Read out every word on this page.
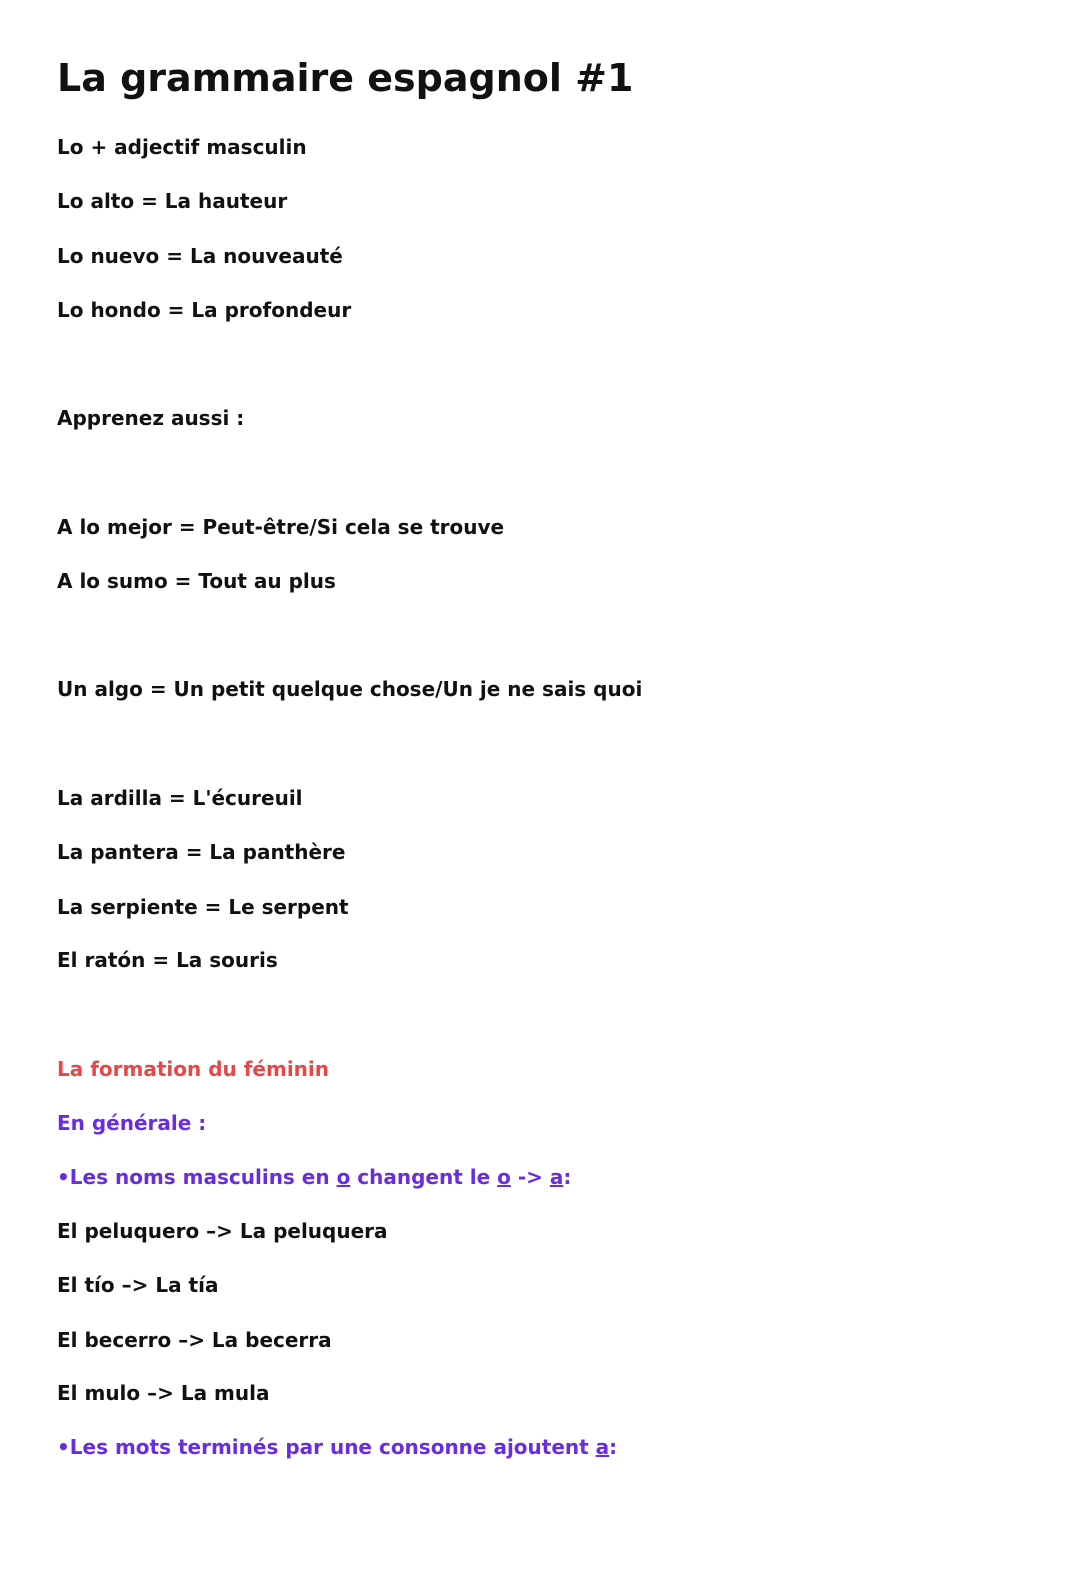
La grammaire espagnol #1

Lo + adjectif masculin

Lo alto = La hauteur

Lo nuevo = La nouveauté

Lo hondo = La profondeur

Apprenez aussi :

A lo mejor = Peut-être/Si cela se trouve

A lo sumo = Tout au plus

Un algo = Un petit quelque chose/Un je ne sais quoi

La ardilla = L'écureuil

La pantera = La panthère

La serpiente = Le serpent

El ratón = La souris

La formation du féminin

En générale :

•Les noms masculins en o changent le o -> a:

El peluquero –> La peluquera

El tío –> La tía

El becerro –> La becerra

El mulo –> La mula

•Les mots terminés par une consonne ajoutent a:
